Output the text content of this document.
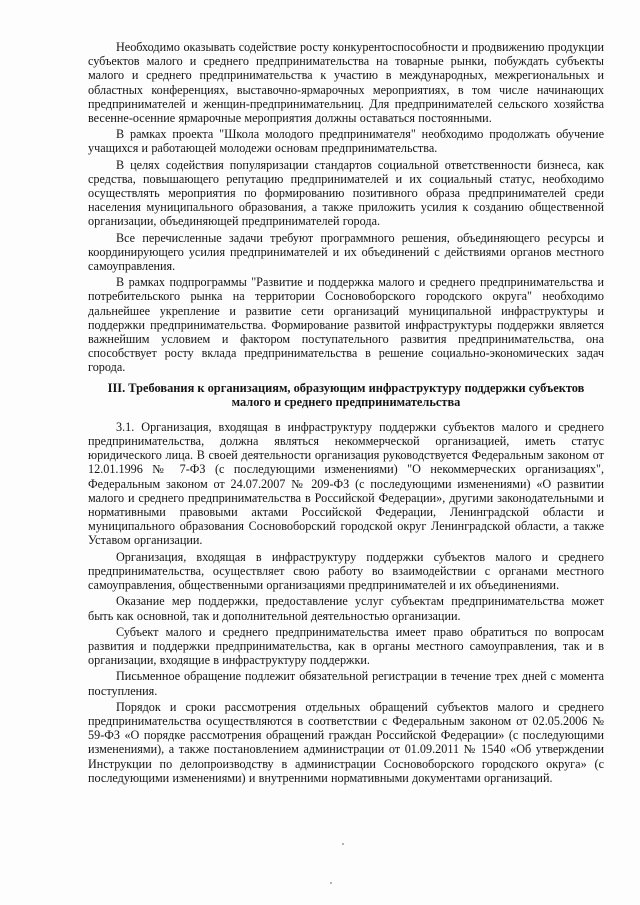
Необходимо оказывать содействие росту конкурентоспособности и продвижению продукции субъектов малого и среднего предпринимательства на товарные рынки, побуждать субъекты малого и среднего предпринимательства к участию в международных, межрегиональных и областных конференциях, выставочно-ярмарочных мероприятиях, в том числе начинающих предпринимателей и женщин-предпринимательниц. Для предпринимателей сельского хозяйства весенне-осенние ярмарочные мероприятия должны оставаться постоянными.

В рамках проекта "Школа молодого предпринимателя" необходимо продолжать обучение учащихся и работающей молодежи основам предпринимательства.

В целях содействия популяризации стандартов социальной ответственности бизнеса, как средства, повышающего репутацию предпринимателей и их социальный статус, необходимо осуществлять мероприятия по формированию позитивного образа предпринимателей среди населения муниципального образования, а также приложить усилия к созданию общественной организации, объединяющей предпринимателей города.

Все перечисленные задачи требуют программного решения, объединяющего ресурсы и координирующего усилия предпринимателей и их объединений с действиями органов местного самоуправления.

В рамках подпрограммы "Развитие и поддержка малого и среднего предпринимательства и потребительского рынка на территории Сосновоборского городского округа" необходимо дальнейшее укрепление и развитие сети организаций муниципальной инфраструктуры и поддержки предпринимательства. Формирование развитой инфраструктуры поддержки является важнейшим условием и фактором поступательного развития предпринимательства, она способствует росту вклада предпринимательства в решение социально-экономических задач города.

III. Требования к организациям, образующим инфраструктуру поддержки субъектов малого и среднего предпринимательства

3.1. Организация, входящая в инфраструктуру поддержки субъектов малого и среднего предпринимательства, должна являться некоммерческой организацией, иметь статус юридического лица. В своей деятельности организация руководствуется Федеральным законом от 12.01.1996 № 7-ФЗ (с последующими изменениями) "О некоммерческих организациях", Федеральным законом от 24.07.2007 № 209-ФЗ (с последующими изменениями) «О развитии малого и среднего предпринимательства в Российской Федерации», другими законодательными и нормативными правовыми актами Российской Федерации, Ленинградской области и муниципального образования Сосновоборский городской округ Ленинградской области, а также Уставом организации.

Организация, входящая в инфраструктуру поддержки субъектов малого и среднего предпринимательства, осуществляет свою работу во взаимодействии с органами местного самоуправления, общественными организациями предпринимателей и их объединениями.

Оказание мер поддержки, предоставление услуг субъектам предпринимательства может быть как основной, так и дополнительной деятельностью организации.

Субъект малого и среднего предпринимательства имеет право обратиться по вопросам развития и поддержки предпринимательства, как в органы местного самоуправления, так и в организации, входящие в инфраструктуру поддержки.

Письменное обращение подлежит обязательной регистрации в течение трех дней с момента поступления.

Порядок и сроки рассмотрения отдельных обращений субъектов малого и среднего предпринимательства осуществляются в соответствии с Федеральным законом от 02.05.2006 № 59-ФЗ «О порядке рассмотрения обращений граждан Российской Федерации» (с последующими изменениями), а также постановлением администрации от 01.09.2011 № 1540 «Об утверждении Инструкции по делопроизводству в администрации Сосновоборского городского округа» (с последующими изменениями) и внутренними нормативными документами организаций.
